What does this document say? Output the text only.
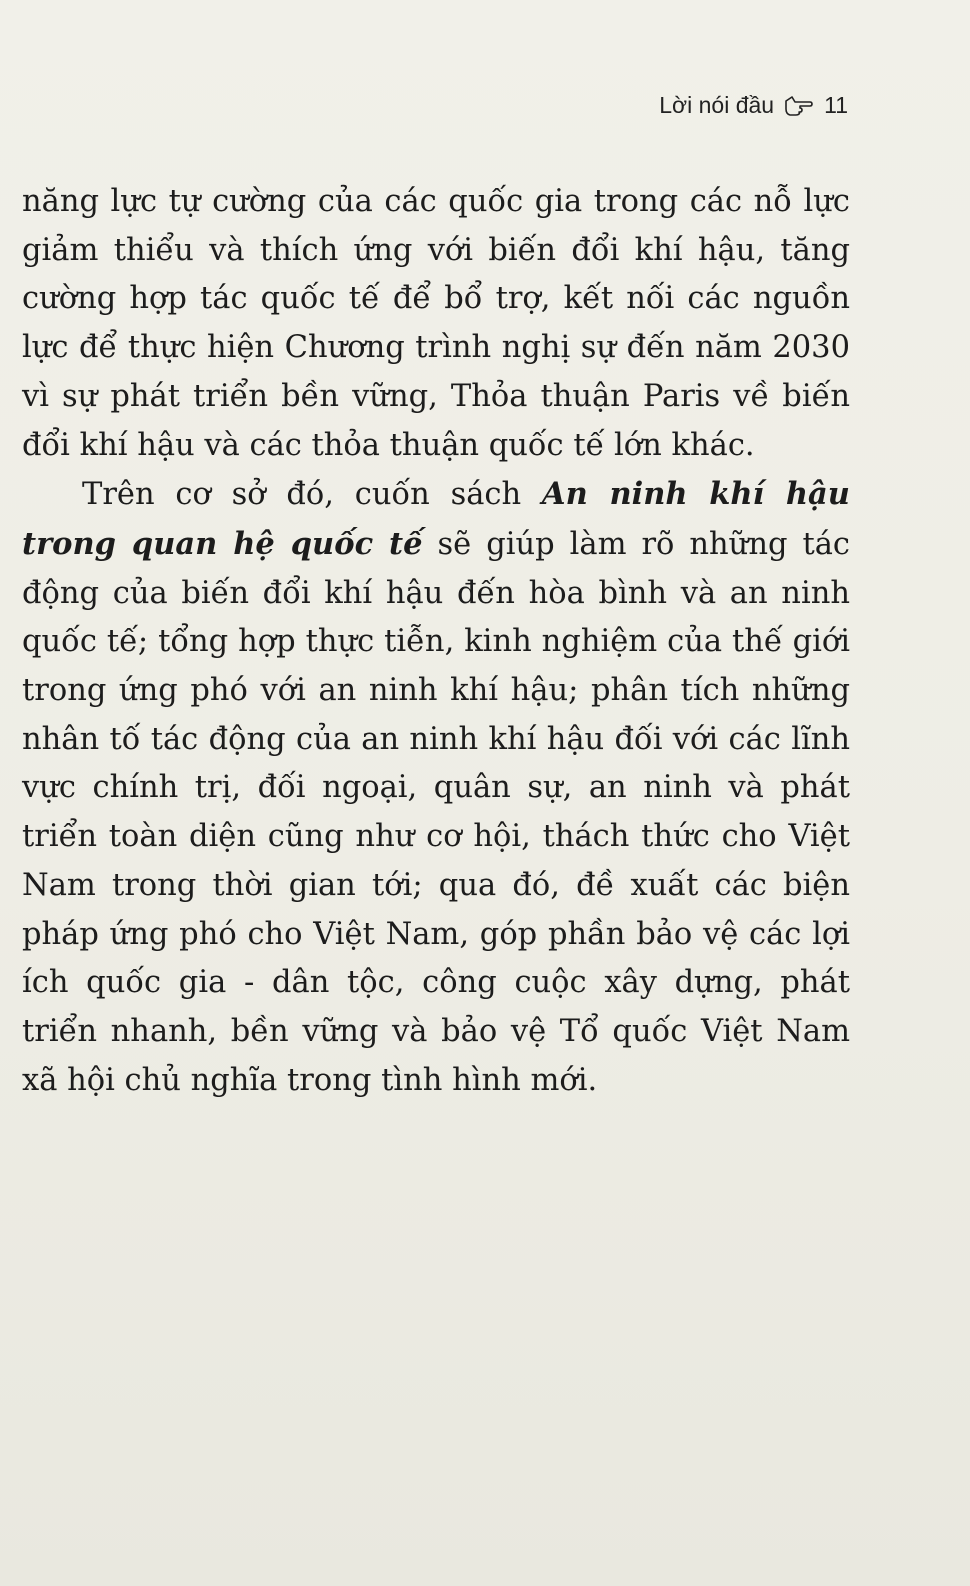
Lời nói đầu 11

năng lực tự cường của các quốc gia trong các nỗ lực giảm thiểu và thích ứng với biến đổi khí hậu, tăng cường hợp tác quốc tế để bổ trợ, kết nối các nguồn lực để thực hiện Chương trình nghị sự đến năm 2030 vì sự phát triển bền vững, Thỏa thuận Paris về biến đổi khí hậu và các thỏa thuận quốc tế lớn khác.

Trên cơ sở đó, cuốn sách An ninh khí hậu trong quan hệ quốc tế sẽ giúp làm rõ những tác động của biến đổi khí hậu đến hòa bình và an ninh quốc tế; tổng hợp thực tiễn, kinh nghiệm của thế giới trong ứng phó với an ninh khí hậu; phân tích những nhân tố tác động của an ninh khí hậu đối với các lĩnh vực chính trị, đối ngoại, quân sự, an ninh và phát triển toàn diện cũng như cơ hội, thách thức cho Việt Nam trong thời gian tới; qua đó, đề xuất các biện pháp ứng phó cho Việt Nam, góp phần bảo vệ các lợi ích quốc gia - dân tộc, công cuộc xây dựng, phát triển nhanh, bền vững và bảo vệ Tổ quốc Việt Nam xã hội chủ nghĩa trong tình hình mới.
